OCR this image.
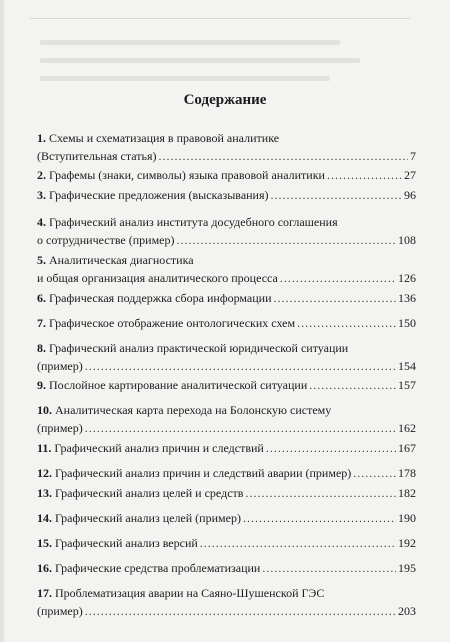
Содержание
1.
Схемы и схематизация в правовой аналитике
(Вступительная статья) .....	7
2.
Графемы (знаки, символы) языка правовой аналитики .....	27
3.
Графические предложения (высказывания) .....	96
4.
Графический анализ института досудебного соглашения
о сотрудничестве (пример) .....	108
5.
Аналитическая диагностика
и общая организация аналитического процесса .....	126
6.
Графическая поддержка сбора информации .....	136
7.
Графическое отображение онтологических схем .....	150
8.
Графический анализ практической юридической ситуации
(пример) .....	154
9.
Послойное картирование аналитической ситуации .....	157
10.
Аналитическая карта перехода на Болонскую систему
(пример) .....	162
11.
Графический анализ причин и следствий .....	167
12.
Графический анализ причин и следствий аварии (пример) .....	178
13.
Графический анализ целей и средств .....	182
14.
Графический анализ целей (пример) .....	190
15.
Графический анализ версий .....	192
16.
Графические средства проблематизации .....	195
17.
Проблематизация аварии на Саяно-Шушенской ГЭС
(пример) .....	203
